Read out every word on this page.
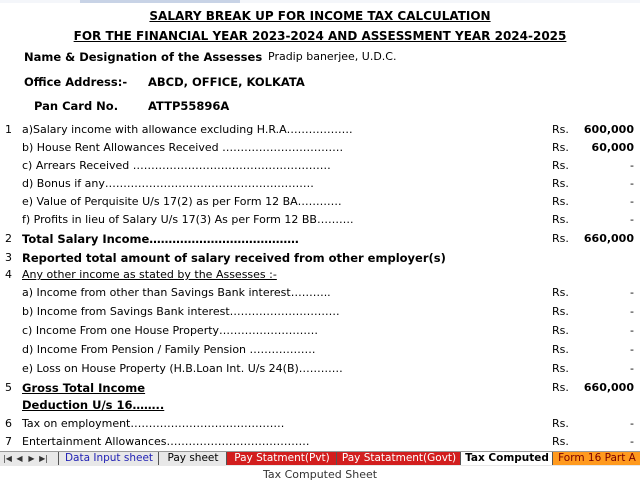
SALARY BREAK UP FOR INCOME TAX CALCULATION
FOR THE FINANCIAL YEAR 2023-2024 AND ASSESSMENT YEAR 2024-2025
Name & Designation of the Assesses Pradip banerjee, U.D.C.
Office Address:- ABCD, OFFICE, KOLKATA
Pan Card No.	ATTP55896A
1 a)Salary income with allowance excluding H.R.A………………	Rs. 600,000
b) House Rent Allowances Received ……………………………	Rs. 60,000
c) Arrears Received ………………………………………………	Rs.	-
d) Bonus if any…………………………………………………	Rs.	-
e) Value of Perquisite U/s 17(2) as per Form 12 BA…………	Rs.	-
f) Profits in lieu of Salary U/s 17(3) As per Form 12 BB……….	Rs.	-
2 Total Salary Income…………………………………	Rs. 660,000
3 Reported total amount of salary received from other employer(s)
4 Any other income as stated by the Assesses :-
a) Income from other than Savings Bank interest………..	Rs.	-
b) Income from Savings Bank interest…………………………	Rs.	-
c) Income From one House Property………………………	Rs.	-
d) Income From Pension / Family Pension ………………	Rs.	-
e) Loss on House Property (H.B.Loan Int. U/s 24(B)…………	Rs.	-
5 Gross Total Income	Rs. 660,000
Deduction U/s 16……..
6 Tax on employment……………………………………	Rs.	-
7 Entertainment Allowances…………………………………	Rs.	-
|◀ ◀ ▶ ▶|	Data Input sheet	Pay sheet	Pay Statment(Pvt)	Pay Statatment(Govt) Tax Computed Form 16 Part A
Tax Computed Sheet
